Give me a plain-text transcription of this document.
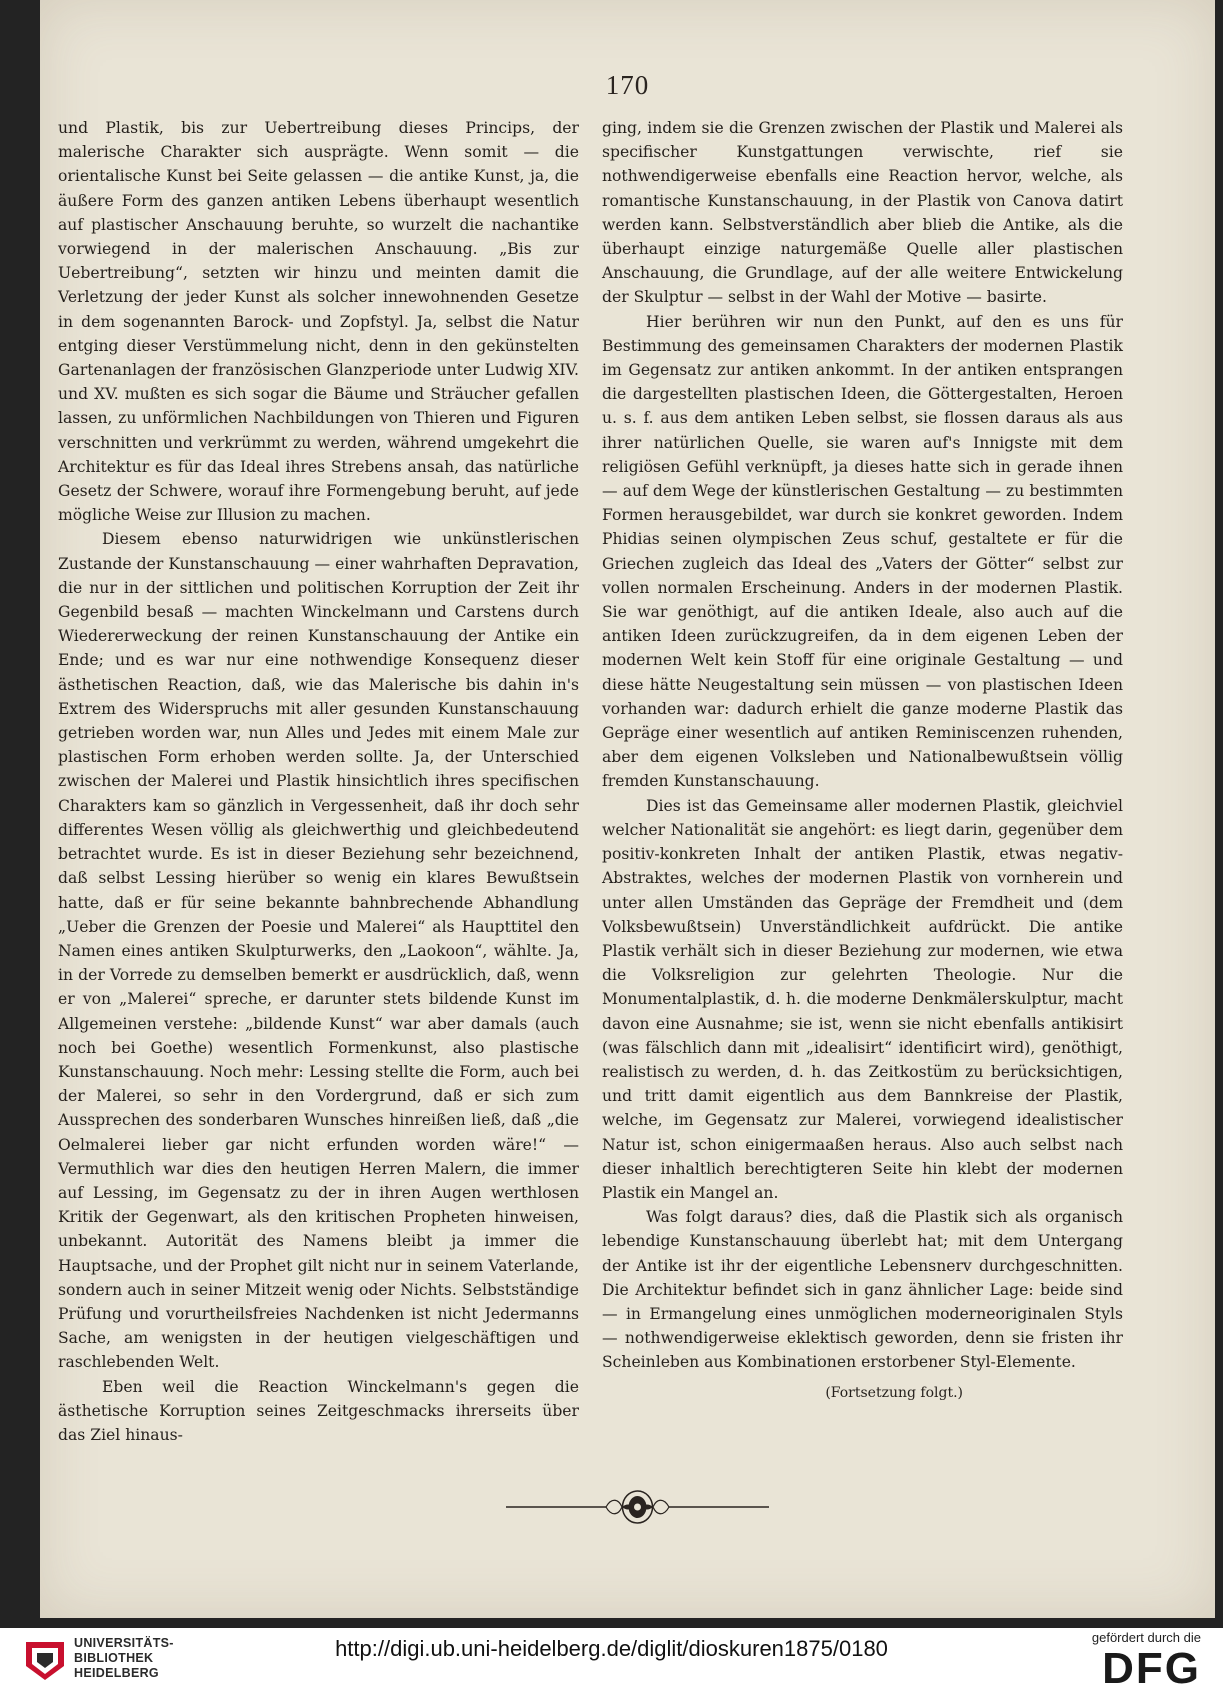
170

und Plastik, bis zur Uebertreibung dieses Princips, der malerische Charakter sich ausprägte. Wenn somit — die orientalische Kunst bei Seite gelassen — die antike Kunst, ja, die äußere Form des ganzen antiken Lebens überhaupt wesentlich auf plastischer Anschauung beruhte, so wurzelt die nachantike vorwiegend in der malerischen Anschauung. „Bis zur Uebertreibung“, setzten wir hinzu und meinten damit die Verletzung der jeder Kunst als solcher innewohnenden Gesetze in dem sogenannten Barock- und Zopfstyl. Ja, selbst die Natur entging dieser Verstümmelung nicht, denn in den gekünstelten Gartenanlagen der französischen Glanzperiode unter Ludwig XIV. und XV. mußten es sich sogar die Bäume und Sträucher gefallen lassen, zu unförmlichen Nachbildungen von Thieren und Figuren verschnitten und verkrümmt zu werden, während umgekehrt die Architektur es für das Ideal ihres Strebens ansah, das natürliche Gesetz der Schwere, worauf ihre Formengebung beruht, auf jede mögliche Weise zur Illusion zu machen.

Diesem ebenso naturwidrigen wie unkünstlerischen Zustande der Kunstanschauung — einer wahrhaften Depravation, die nur in der sittlichen und politischen Korruption der Zeit ihr Gegenbild besaß — machten Winckelmann und Carstens durch Wiedererweckung der reinen Kunstanschauung der Antike ein Ende; und es war nur eine nothwendige Konsequenz dieser ästhetischen Reaction, daß, wie das Malerische bis dahin in's Extrem des Widerspruchs mit aller gesunden Kunstanschauung getrieben worden war, nun Alles und Jedes mit einem Male zur plastischen Form erhoben werden sollte. Ja, der Unterschied zwischen der Malerei und Plastik hinsichtlich ihres specifischen Charakters kam so gänzlich in Vergessenheit, daß ihr doch sehr differentes Wesen völlig als gleichwerthig und gleichbedeutend betrachtet wurde. Es ist in dieser Beziehung sehr bezeichnend, daß selbst Lessing hierüber so wenig ein klares Bewußtsein hatte, daß er für seine bekannte bahnbrechende Abhandlung „Ueber die Grenzen der Poesie und Malerei“ als Haupttitel den Namen eines antiken Skulpturwerks, den „Laokoon“, wählte. Ja, in der Vorrede zu demselben bemerkt er ausdrücklich, daß, wenn er von „Malerei“ spreche, er darunter stets bildende Kunst im Allgemeinen verstehe: „bildende Kunst“ war aber damals (auch noch bei Goethe) wesentlich Formenkunst, also plastische Kunstanschauung. Noch mehr: Lessing stellte die Form, auch bei der Malerei, so sehr in den Vordergrund, daß er sich zum Aussprechen des sonderbaren Wunsches hinreißen ließ, daß „die Oelmalerei lieber gar nicht erfunden worden wäre!“ — Vermuthlich war dies den heutigen Herren Malern, die immer auf Lessing, im Gegensatz zu der in ihren Augen werthlosen Kritik der Gegenwart, als den kritischen Propheten hinweisen, unbekannt. Autorität des Namens bleibt ja immer die Hauptsache, und der Prophet gilt nicht nur in seinem Vaterlande, sondern auch in seiner Mitzeit wenig oder Nichts. Selbstständige Prüfung und vorurtheilsfreies Nachdenken ist nicht Jedermanns Sache, am wenigsten in der heutigen vielgeschäftigen und raschlebenden Welt.

Eben weil die Reaction Winckelmann's gegen die ästhetische Korruption seines Zeitgeschmacks ihrerseits über das Ziel hinaus-

ging, indem sie die Grenzen zwischen der Plastik und Malerei als specifischer Kunstgattungen verwischte, rief sie nothwendigerweise ebenfalls eine Reaction hervor, welche, als romantische Kunstanschauung, in der Plastik von Canova datirt werden kann. Selbstverständlich aber blieb die Antike, als die überhaupt einzige naturgemäße Quelle aller plastischen Anschauung, die Grundlage, auf der alle weitere Entwickelung der Skulptur — selbst in der Wahl der Motive — basirte.

Hier berühren wir nun den Punkt, auf den es uns für Bestimmung des gemeinsamen Charakters der modernen Plastik im Gegensatz zur antiken ankommt. In der antiken entsprangen die dargestellten plastischen Ideen, die Göttergestalten, Heroen u. s. f. aus dem antiken Leben selbst, sie flossen daraus als aus ihrer natürlichen Quelle, sie waren auf's Innigste mit dem religiösen Gefühl verknüpft, ja dieses hatte sich in gerade ihnen — auf dem Wege der künstlerischen Gestaltung — zu bestimmten Formen herausgebildet, war durch sie konkret geworden. Indem Phidias seinen olympischen Zeus schuf, gestaltete er für die Griechen zugleich das Ideal des „Vaters der Götter“ selbst zur vollen normalen Erscheinung. Anders in der modernen Plastik. Sie war genöthigt, auf die antiken Ideale, also auch auf die antiken Ideen zurückzugreifen, da in dem eigenen Leben der modernen Welt kein Stoff für eine originale Gestaltung — und diese hätte Neugestaltung sein müssen — von plastischen Ideen vorhanden war: dadurch erhielt die ganze moderne Plastik das Gepräge einer wesentlich auf antiken Reminiscenzen ruhenden, aber dem eigenen Volksleben und Nationalbewußtsein völlig fremden Kunstanschauung.

Dies ist das Gemeinsame aller modernen Plastik, gleichviel welcher Nationalität sie angehört: es liegt darin, gegenüber dem positiv-konkreten Inhalt der antiken Plastik, etwas negativ-Abstraktes, welches der modernen Plastik von vornherein und unter allen Umständen das Gepräge der Fremdheit und (dem Volksbewußtsein) Unverständlichkeit aufdrückt. Die antike Plastik verhält sich in dieser Beziehung zur modernen, wie etwa die Volksreligion zur gelehrten Theologie. Nur die Monumentalplastik, d. h. die moderne Denkmälerskulptur, macht davon eine Ausnahme; sie ist, wenn sie nicht ebenfalls antikisirt (was fälschlich dann mit „idealisirt“ identificirt wird), genöthigt, realistisch zu werden, d. h. das Zeitkostüm zu berücksichtigen, und tritt damit eigentlich aus dem Bannkreise der Plastik, welche, im Gegensatz zur Malerei, vorwiegend idealistischer Natur ist, schon einigermaaßen heraus. Also auch selbst nach dieser inhaltlich berechtigteren Seite hin klebt der modernen Plastik ein Mangel an.

Was folgt daraus? dies, daß die Plastik sich als organisch lebendige Kunstanschauung überlebt hat; mit dem Untergang der Antike ist ihr der eigentliche Lebensnerv durchgeschnitten. Die Architektur befindet sich in ganz ähnlicher Lage: beide sind — in Ermangelung eines unmöglichen moderneoriginalen Styls — nothwendigerweise eklektisch geworden, denn sie fristen ihr Scheinleben aus Kombinationen erstorbener Styl-Elemente.

(Fortsetzung folgt.)
UNIVERSITÄTS-
BIBLIOTHEK
HEIDELBERG
http://digi.ub.uni-heidelberg.de/diglit/dioskuren1875/0180	gefördert durch die
DFG
